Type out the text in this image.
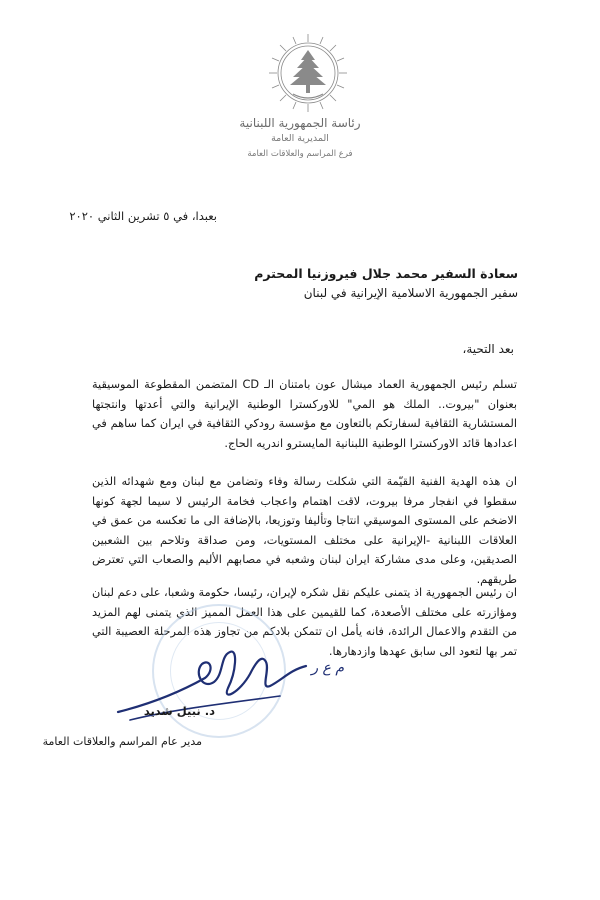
رئاسة الجمهورية اللبنانية
المديرية العامة
فرع المراسم والعلاقات العامة
بعبدا، في ٥ تشرين الثاني ٢٠٢٠
سعادة السفير محمد جلال فيروزنيا المحترم
سفير الجمهورية الاسلامية الإيرانية في لبنان
بعد التحية،
تسلم رئيس الجمهورية العماد ميشال عون بامتنان الـ CD المتضمن المقطوعة الموسيقية بعنوان "بيروت.. الملك هو المي" للاوركسترا الوطنية الإيرانية والتي أعدتها وانتجتها المستشارية الثقافية لسفارتكم بالتعاون مع مؤسسة رودكي الثقافية في ايران كما ساهم في اعدادها قائد الاوركسترا الوطنية اللبنانية المايسترو اندريه الحاج.
ان هذه الهدية الفنية القيّمة التي شكلت رسالة وفاء وتضامن مع لبنان ومع شهدائه الذين سقطوا في انفجار مرفا بيروت، لاقت اهتمام واعجاب فخامة الرئيس لا سيما لجهة كونها الاضخم على المستوى الموسيقي انتاجا وتأليفا وتوزيعا، بالإضافة الى ما تعكسه من عمق في العلاقات اللبنانية -الإيرانية على مختلف المستويات، ومن صداقة وتلاحم بين الشعبين الصديقين، وعلى مدى مشاركة ايران لبنان وشعبه في مصابهم الأليم والصعاب التي تعترض طريقهم.
ان رئيس الجمهورية اذ يتمنى عليكم نقل شكره لإيران، رئيسا، حكومة وشعبا، على دعم لبنان ومؤازرته على مختلف الأصعدة، كما للقيمين على هذا العمل المميز الذي يتمنى لهم المزيد من التقدم والاعمال الرائدة، فانه يأمل ان تتمكن بلادكم من تجاوز هذه المرحلة العصيبة التي تمر بها لتعود الى سابق عهدها وازدهارها.
م ع ر
د. نبيل شديد
مدير عام المراسم والعلاقات العامة
